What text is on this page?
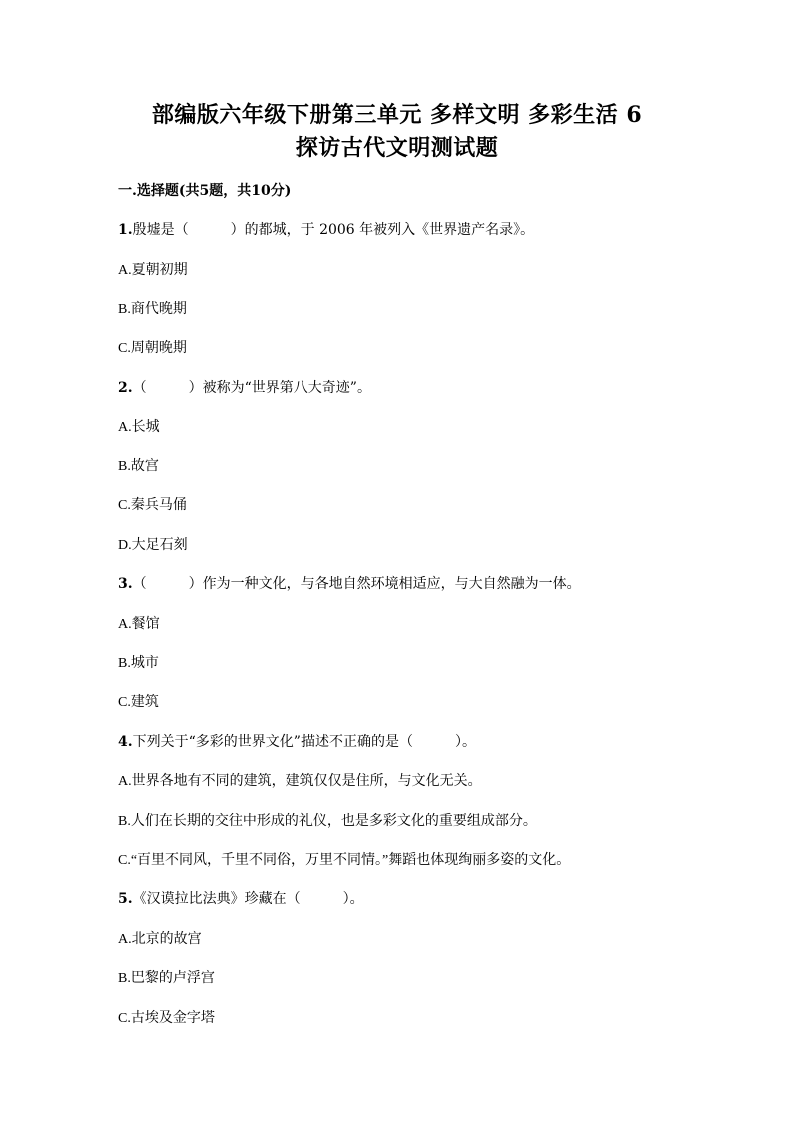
部编版六年级下册第三单元 多样文明 多彩生活 6
探访古代文明测试题
一.选择题(共5题，共10分)
1.殷墟是（　　　）的都城，于 2006 年被列入《世界遗产名录》。
A.夏朝初期
B.商代晚期
C.周朝晚期
2.（　　　）被称为“世界第八大奇迹”。
A.长城
B.故宫
C.秦兵马俑
D.大足石刻
3.（　　　）作为一种文化，与各地自然环境相适应，与大自然融为一体。
A.餐馆
B.城市
C.建筑
4.下列关于“多彩的世界文化”描述不正确的是（　　　）。
A.世界各地有不同的建筑，建筑仅仅是住所，与文化无关。
B.人们在长期的交往中形成的礼仪，也是多彩文化的重要组成部分。
C.“百里不同风，千里不同俗，万里不同情。”舞蹈也体现绚丽多姿的文化。
5.《汉谟拉比法典》珍藏在（　　　）。
A.北京的故宫
B.巴黎的卢浮宫
C.古埃及金字塔
